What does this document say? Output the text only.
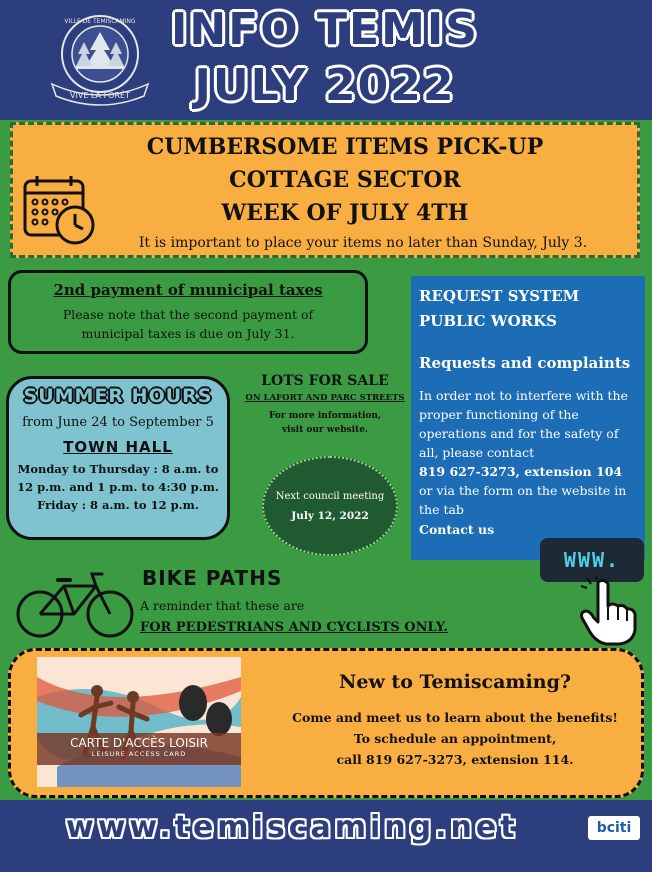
VIVE LA FORÊT
VILLE DE TEMISCAMING INFO TEMIS
JULY 2022
CUMBERSOME ITEMS PICK-UP
COTTAGE SECTOR
WEEK OF JULY 4TH
It is important to place your items no later than Sunday, July 3.
2nd payment of municipal taxes
Please note that the second payment of municipal taxes is due on July 31.
REQUEST SYSTEM PUBLIC WORKS
Requests and complaints
In order not to interfere with the proper functioning of the operations and for the safety of all, please contact
819 627-3273, extension 104
or via the form on the website in the tab
Contact us
SUMMER HOURS
from June 24 to September 5
TOWN HALL
Monday to Thursday : 8 a.m. to
12 p.m. and 1 p.m. to 4:30 p.m.
Friday : 8 a.m. to 12 p.m.
LOTS FOR SALE
ON LAFORT AND PARC STREETS
For more information,
visit our website.
Next council meeting
July 12, 2022
WWW.
BIKE PATHS
A reminder that these are
FOR PEDESTRIANS AND CYCLISTS ONLY.
CARTE D'ACCÈS LOISIR
LEISURE ACCESS CARD
New to Temiscaming?
Come and meet us to learn about the benefits!
To schedule an appointment,
call 819 627-3273, extension 114.
www.temiscaming.net	bciti
